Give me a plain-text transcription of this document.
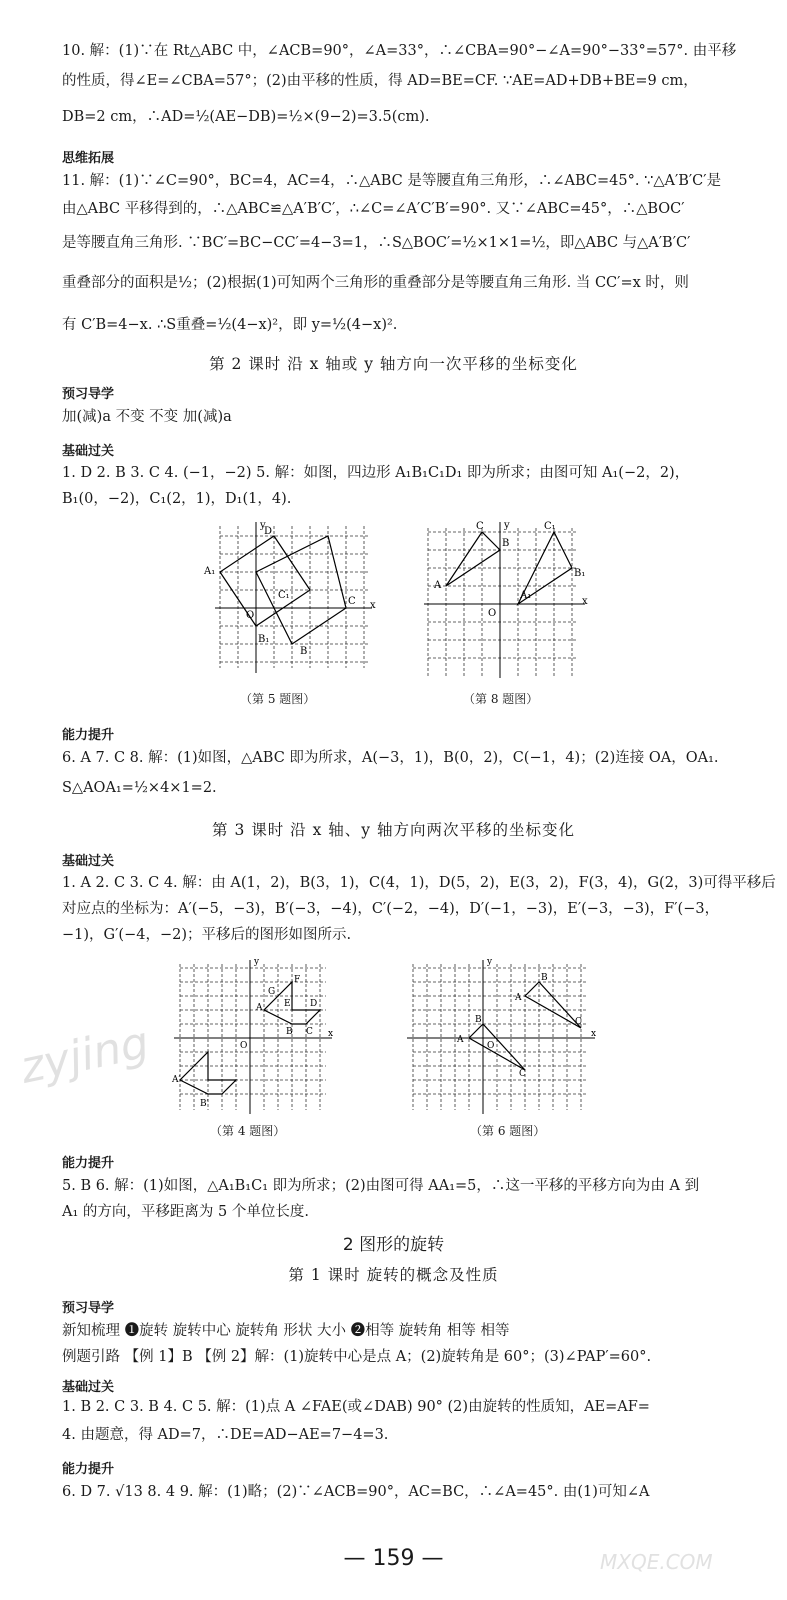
10. 解：(1)∵在 Rt△ABC 中，∠ACB=90°，∠A=33°，∴∠CBA=90°−∠A=90°−33°=57°. 由平移
的性质，得∠E=∠CBA=57°；(2)由平移的性质，得 AD=BE=CF. ∵AE=AD+DB+BE=9 cm，
DB=2 cm，∴AD=½(AE−DB)=½×(9−2)=3.5(cm).
思维拓展
11. 解：(1)∵∠C=90°，BC=4，AC=4，∴△ABC 是等腰直角三角形，∴∠ABC=45°. ∵△A′B′C′是
由△ABC 平移得到的，∴△ABC≌△A′B′C′，∴∠C=∠A′C′B′=90°. 又∵∠ABC=45°，∴△BOC′
是等腰直角三角形. ∵BC′=BC−CC′=4−3=1，∴S△BOC′=½×1×1=½，即△ABC 与△A′B′C′
重叠部分的面积是½；(2)根据(1)可知两个三角形的重叠部分是等腰直角三角形. 当 CC′=x 时，则
有 C′B=4−x. ∴S重叠=½(4−x)²，即 y=½(4−x)².
第 2 课时 沿 x 轴或 y 轴方向一次平移的坐标变化
预习导学
加(减)a 不变 不变 加(减)a
基础过关
1. D 2. B 3. C 4. (−1，−2) 5. 解：如图，四边形 A₁B₁C₁D₁ 即为所求；由图可知 A₁(−2，2)，
B₁(0，−2)，C₁(2，1)，D₁(1，4).
A₁
D
C₁
C
B₁
B
O
y
x
（第 5 题图）
A
C
B
C₁
B₁
A₁
O
y
x
（第 8 题图）
能力提升
6. A 7. C 8. 解：(1)如图，△ABC 即为所求，A(−3，1)，B(0，2)，C(−1，4)；(2)连接 OA，OA₁.
S△AOA₁=½×4×1=2.
第 3 课时 沿 x 轴、y 轴方向两次平移的坐标变化
基础过关
1. A 2. C 3. C 4. 解：由 A(1，2)，B(3，1)，C(4，1)，D(5，2)，E(3，2)，F(3，4)，G(2，3)可得平移后
对应点的坐标为：A′(−5，−3)，B′(−3，−4)，C′(−2，−4)，D′(−1，−3)，E′(−3，−3)，F′(−3，
−1)，G′(−4，−2)；平移后的图形如图所示.
A
B C
D
E
F
G
O
y
x
A′
B′
（第 4 题图）
A
B
C
A
B
C
O
y
x
（第 6 题图）
能力提升
5. B 6. 解：(1)如图，△A₁B₁C₁ 即为所求；(2)由图可得 AA₁=5，∴这一平移的平移方向为由 A 到
A₁ 的方向，平移距离为 5 个单位长度.
2 图形的旋转
第 1 课时 旋转的概念及性质
预习导学
新知梳理 ❶旋转 旋转中心 旋转角 形状 大小 ❷相等 旋转角 相等 相等
例题引路 【例 1】B 【例 2】解：(1)旋转中心是点 A；(2)旋转角是 60°；(3)∠PAP′=60°.
基础过关
1. B 2. C 3. B 4. C 5. 解：(1)点 A ∠FAE(或∠DAB) 90° (2)由旋转的性质知，AE=AF=
4. 由题意，得 AD=7，∴DE=AD−AE=7−4=3.
能力提升
6. D 7. √13 8. 4 9. 解：(1)略；(2)∵∠ACB=90°，AC=BC，∴∠A=45°. 由(1)可知∠A
— 159 —
zyjing
MXQE.COM
